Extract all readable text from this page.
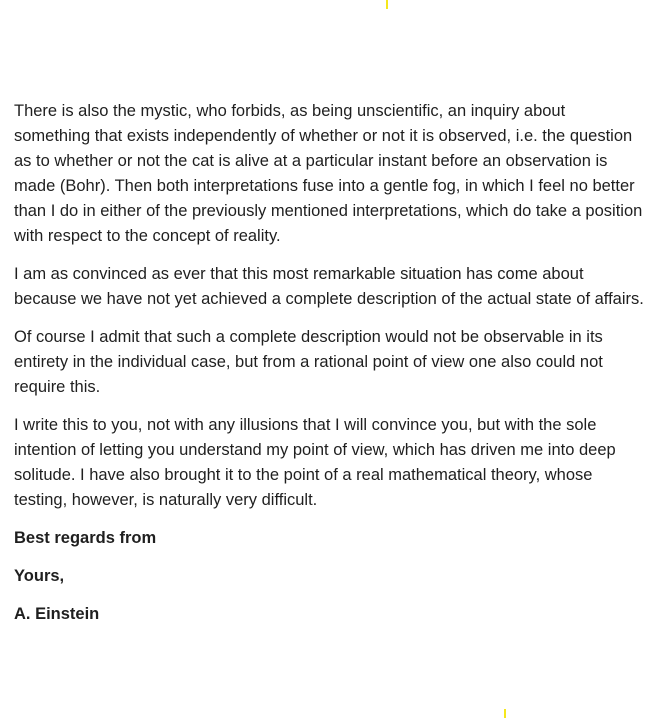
There is also the mystic, who forbids, as being unscientific, an inquiry about something that exists independently of whether or not it is observed, i.e. the question as to whether or not the cat is alive at a particular instant before an observation is made (Bohr). Then both interpretations fuse into a gentle fog, in which I feel no better than I do in either of the previously mentioned interpretations, which do take a position with respect to the concept of reality.

I am as convinced as ever that this most remarkable situation has come about because we have not yet achieved a complete description of the actual state of affairs.

Of course I admit that such a complete description would not be observable in its entirety in the individual case, but from a rational point of view one also could not require this.

I write this to you, not with any illusions that I will convince you, but with the sole intention of letting you understand my point of view, which has driven me into deep solitude. I have also brought it to the point of a real mathematical theory, whose testing, however, is naturally very difficult.

Best regards from

Yours,

A. Einstein
